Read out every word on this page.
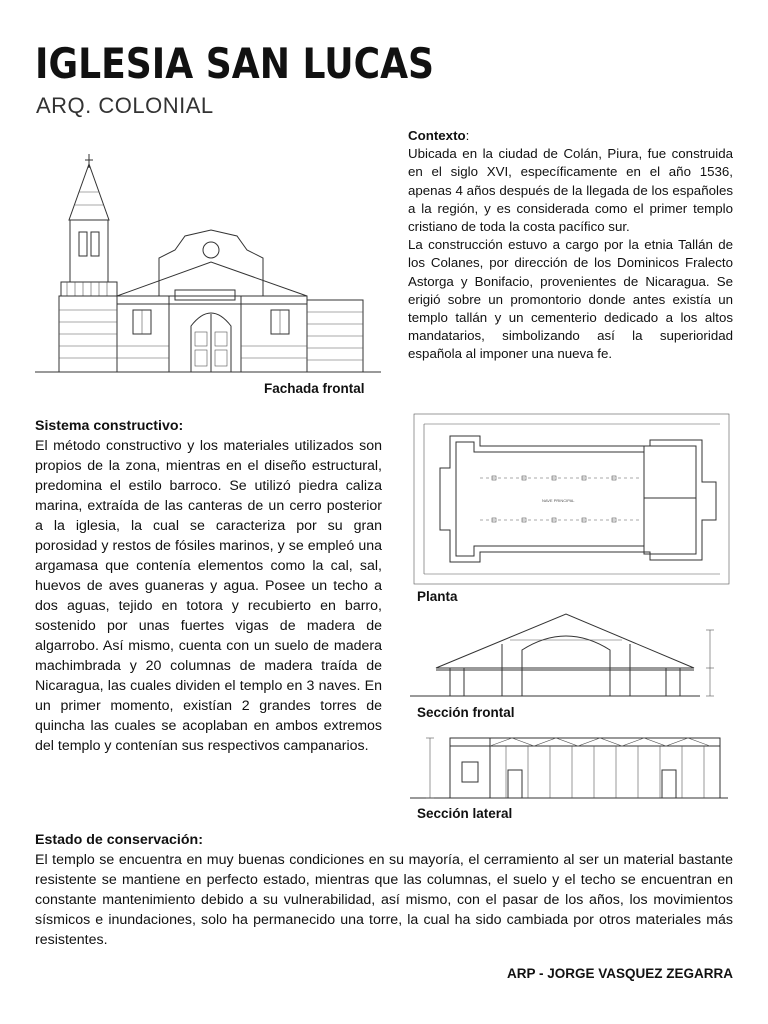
IGLESIA SAN LUCAS
ARQ. COLONIAL
Contexto:
Ubicada en la ciudad de Colán, Piura, fue construida en el siglo XVI, específicamente en el año 1536, apenas 4 años después de la llegada de los españoles a la región, y es considerada como el primer templo cristiano de toda la costa pacífico sur.
La construcción estuvo a cargo por la etnia Tallán de los Colanes, por dirección de los Dominicos Fralecto Astorga y Bonifacio, provenientes de Nicaragua. Se erigió sobre un promontorio donde antes existía un templo tallán y un cementerio dedicado a los altos mandatarios, simbolizando así la superioridad española al imponer una nueva fe.
Fachada frontal
Sistema constructivo:
El método constructivo y los materiales utilizados son propios de la zona, mientras en el diseño estructural, predomina el estilo barroco. Se utilizó piedra caliza marina, extraída de las canteras de un cerro posterior a la iglesia, la cual se caracteriza por su gran porosidad y restos de fósiles marinos, y se empleó una argamasa que contenía elementos como la cal, sal, huevos de aves guaneras y agua. Posee un techo a dos aguas, tejido en totora y recubierto en barro, sostenido por unas fuertes vigas de madera de algarrobo. Así mismo, cuenta con un suelo de madera machimbrada y 20 columnas de madera traída de Nicaragua, las cuales dividen el templo en 3 naves. En un primer momento, existían 2 grandes torres de quincha las cuales se acoplaban en ambos extremos del templo y contenían sus respectivos campanarios.
NAVE PRINCIPAL
Planta
Sección frontal
Sección lateral
Estado de conservación:
El templo se encuentra en muy buenas condiciones en su mayoría, el cerramiento al ser un material bastante resistente se mantiene en perfecto estado, mientras que las columnas, el suelo y el techo se encuentran en constante mantenimiento debido a su vulnerabilidad, así mismo, con el pasar de los años, los movimientos sísmicos e inundaciones, solo ha permanecido una torre, la cual ha sido cambiada por otros materiales más resistentes.
ARP - JORGE VASQUEZ ZEGARRA
